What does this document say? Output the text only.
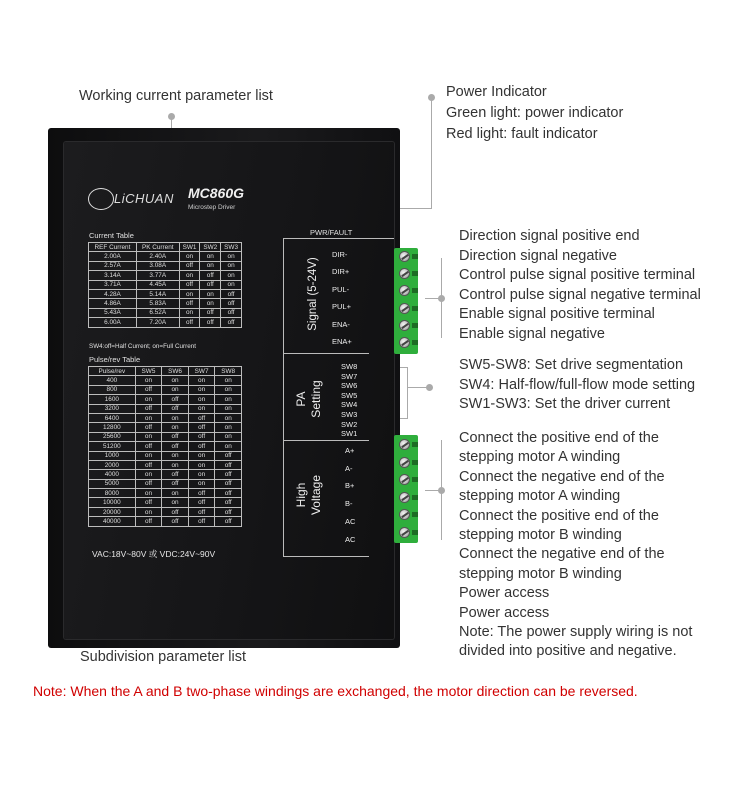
Working current parameter list	Power Indicator
Green light: power indicator
Red light: fault indicator
Direction signal positive end
Direction signal negative
Control pulse signal positive terminal
Control pulse signal negative terminal
Enable signal positive terminal
Enable signal negative
SW5-SW8: Set drive segmentation
SW4: Half-flow/full-flow mode setting
SW1-SW3: Set the driver current
Connect the positive end of the
stepping motor A winding
Connect the negative end of the
stepping motor A winding
Connect the positive end of the
stepping motor B winding
Connect the negative end of the
stepping motor B winding
Power access
Power access
Note: The power supply wiring is not
divided into positive and negative.
Subdivision parameter list
LiCHUAN MC860G
Microstep Driver
Current Table
REF Current	PK Current	SW1	SW2	SW3
2.00A	2.40A	on	on	on
2.57A	3.08A	off	on	on
3.14A	3.77A	on	off	on
3.71A	4.45A	off	off	on
4.28A	5.14A	on	on	off
4.86A	5.83A	off	on	off
5.43A	6.52A	on	off	off
6.00A	7.20A	off	off	off
SW4:off=Half Current; on=Full Current
Pulse/rev Table
Pulse/rev	SW5	SW6	SW7	SW8
400	on	on	on	on
800	off	on	on	on
1600	on	off	on	on
3200	off	off	on	on
6400	on	on	off	on
12800	off	on	off	on
25600	on	off	off	on
51200	off	off	off	on
1000	on	on	on	off
2000	off	on	on	off
4000	on	off	on	off
5000	off	off	on	off
8000	on	on	off	off
10000	off	on	off	off
20000	on	off	off	off
40000	off	off	off	off
VAC:18V~80V 或 VDC:24V~90V
PWR/FAULT
Signal (5-24V)
DIR-
DIR+
PUL-
PUL+
ENA-
ENA+
PA Setting
SW8
SW7
SW6
SW5
SW4
SW3
SW2
SW1
High Voltage
A+
A-
B+
B-
AC
AC
Note: When the A and B two-phase windings are exchanged, the motor direction can be reversed.
